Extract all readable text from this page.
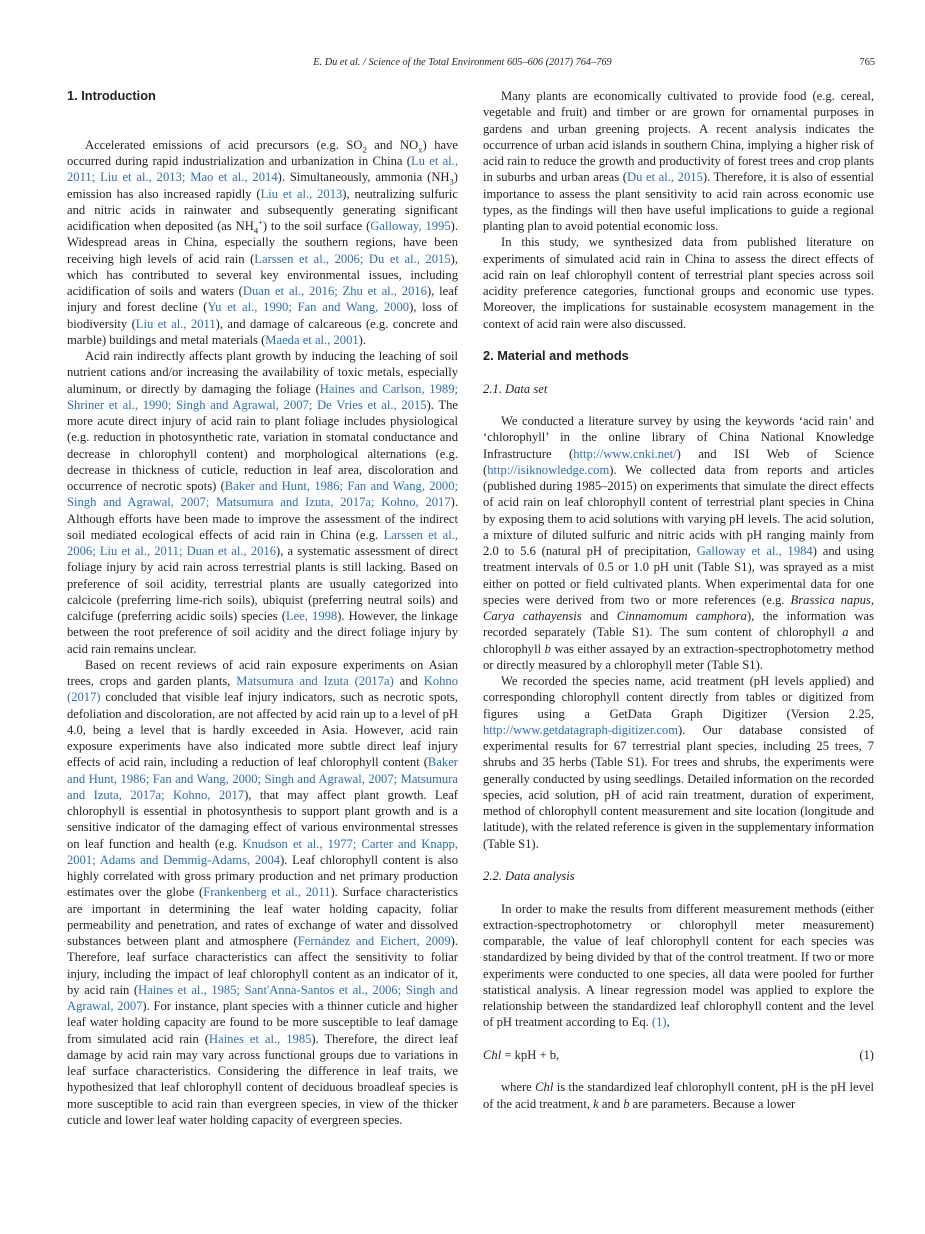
E. Du et al. / Science of the Total Environment 605–606 (2017) 764–769	765
1. Introduction

Accelerated emissions of acid precursors (e.g. $SO_2$ and $NO_x$) have occurred during rapid industrialization and urbanization in China (Lu et al., 2011; Liu et al., 2013; Mao et al., 2014). Simultaneously, ammonia $(NH_3)$ emission has also increased rapidly (Liu et al., 2013), neutralizing sulfuric and nitric acids in rainwater and subsequently generating significant acidification when deposited (as $NH_4^+$) to the soil surface (Galloway, 1995). Widespread areas in China, especially the southern regions, have been receiving high levels of acid rain (Larssen et al., 2006; Du et al., 2015), which has contributed to several key environmental issues, including acidification of soils and waters (Duan et al., 2016; Zhu et al., 2016), leaf injury and forest decline (Yu et al., 1990; Fan and Wang, 2000), loss of biodiversity (Liu et al., 2011), and damage of calcareous (e.g. concrete and marble) buildings and metal materials (Maeda et al., 2001).

Acid rain indirectly affects plant growth by inducing the leaching of soil nutrient cations and/or increasing the availability of toxic metals, especially aluminum, or directly by damaging the foliage (Haines and Carlson, 1989; Shriner et al., 1990; Singh and Agrawal, 2007; De Vries et al., 2015). The more acute direct injury of acid rain to plant foliage includes physiological (e.g. reduction in photosynthetic rate, variation in stomatal conductance and decrease in chlorophyll content) and morphological alternations (e.g. decrease in thickness of cuticle, reduction in leaf area, discoloration and occurrence of necrotic spots) (Baker and Hunt, 1986; Fan and Wang, 2000; Singh and Agrawal, 2007; Matsumura and Izuta, 2017a; Kohno, 2017). Although efforts have been made to improve the assessment of the indirect soil mediated ecological effects of acid rain in China (e.g. Larssen et al., 2006; Liu et al., 2011; Duan et al., 2016), a systematic assessment of direct foliage injury by acid rain across terrestrial plants is still lacking. Based on preference of soil acidity, terrestrial plants are usually categorized into calcicole (preferring lime-rich soils), ubiquist (preferring neutral soils) and calcifuge (preferring acidic soils) species (Lee, 1998). However, the linkage between the root preference of soil acidity and the direct foliage injury by acid rain remains unclear.

Based on recent reviews of acid rain exposure experiments on Asian trees, crops and garden plants, Matsumura and Izuta (2017a) and Kohno (2017) concluded that visible leaf injury indicators, such as necrotic spots, defoliation and discoloration, are not affected by acid rain up to a level of pH 4.0, being a level that is hardly exceeded in Asia. However, acid rain exposure experiments have also indicated more subtle direct leaf injury effects of acid rain, including a reduction of leaf chlorophyll content (Baker and Hunt, 1986; Fan and Wang, 2000; Singh and Agrawal, 2007; Matsumura and Izuta, 2017a; Kohno, 2017), that may affect plant growth. Leaf chlorophyll is essential in photosynthesis to support plant growth and is a sensitive indicator of the damaging effect of various environmental stresses on leaf function and health (e.g. Knudson et al., 1977; Carter and Knapp, 2001; Adams and Demmig-Adams, 2004). Leaf chlorophyll content is also highly correlated with gross primary production and net primary production estimates over the globe (Frankenberg et al., 2011). Surface characteristics are important in determining the leaf water holding capacity, foliar permeability and penetration, and rates of exchange of water and dissolved substances between plant and atmosphere (Fernández and Eichert, 2009). Therefore, leaf surface characteristics can affect the sensitivity to foliar injury, including the impact of leaf chlorophyll content as an indicator of it, by acid rain (Haines et al., 1985; Sant'Anna-Santos et al., 2006; Singh and Agrawal, 2007). For instance, plant species with a thinner cuticle and higher leaf water holding capacity are found to be more susceptible to leaf damage from simulated acid rain (Haines et al., 1985). Therefore, the direct leaf damage by acid rain may vary across functional groups due to variations in leaf surface characteristics. Considering the difference in leaf traits, we hypothesized that leaf chlorophyll content of deciduous broadleaf species is more susceptible to acid rain than evergreen species, in view of the thicker cuticle and lower leaf water holding capacity of evergreen species.

Many plants are economically cultivated to provide food (e.g. cereal, vegetable and fruit) and timber or are grown for ornamental purposes in gardens and urban greening projects. A recent analysis indicates the occurrence of urban acid islands in southern China, implying a higher risk of acid rain to reduce the growth and productivity of forest trees and crop plants in suburbs and urban areas (Du et al., 2015). Therefore, it is also of essential importance to assess the plant sensitivity to acid rain across economic use types, as the findings will then have useful implications to guide a regional planting plan to avoid potential economic loss.

In this study, we synthesized data from published literature on experiments of simulated acid rain in China to assess the direct effects of acid rain on leaf chlorophyll content of terrestrial plant species across soil acidity preference categories, functional groups and economic use types. Moreover, the implications for sustainable ecosystem management in the context of acid rain were also discussed.

2. Material and methods
2.1. Data set

We conducted a literature survey by using the keywords ‘acid rain’ and ‘chlorophyll’ in the online library of China National Knowledge Infrastructure (http://www.cnki.net/) and ISI Web of Science (http://isiknowledge.com). We collected data from reports and articles (published during 1985–2015) on experiments that simulate the direct effects of acid rain on leaf chlorophyll content of terrestrial plant species in China by exposing them to acid solutions with varying pH levels. The acid solution, a mixture of diluted sulfuric and nitric acids with pH ranging mainly from 2.0 to 5.6 (natural pH of precipitation, Galloway et al., 1984) and using treatment intervals of 0.5 or 1.0 pH unit (Table S1), was sprayed as a mist either on potted or field cultivated plants. When experimental data for one species were derived from two or more references (e.g. Brassica napus, Carya cathayensis and Cinnamomum camphora), the information was recorded separately (Table S1). The sum content of chlorophyll a and chlorophyll b was either assayed by an extraction-spectrophotometry method or directly measured by a chlorophyll meter (Table S1).

We recorded the species name, acid treatment (pH levels applied) and corresponding chlorophyll content directly from tables or digitized from figures using a GetData Graph Digitizer (Version 2.25, http://www.getdatagraph-digitizer.com). Our database consisted of experimental results for 67 terrestrial plant species, including 25 trees, 7 shrubs and 35 herbs (Table S1). For trees and shrubs, the experiments were generally conducted by using seedlings. Detailed information on the recorded species, acid solution, pH of acid rain treatment, duration of experiment, method of chlorophyll content measurement and site location (longitude and latitude), with the related reference is given in the supplementary information (Table S1).

2.2. Data analysis

In order to make the results from different measurement methods (either extraction-spectrophotometry or chlorophyll meter measurement) comparable, the value of leaf chlorophyll content for each species was standardized by being divided by that of the control treatment. If two or more experiments were conducted to one species, all data were pooled for further statistical analysis. A linear regression model was applied to explore the relationship between the standardized leaf chlorophyll content and the level of pH treatment according to Eq. (1),

Chl = kpH + b,	(1)

where Chl is the standardized leaf chlorophyll content, pH is the pH level of the acid treatment, k and b are parameters. Because a lower
